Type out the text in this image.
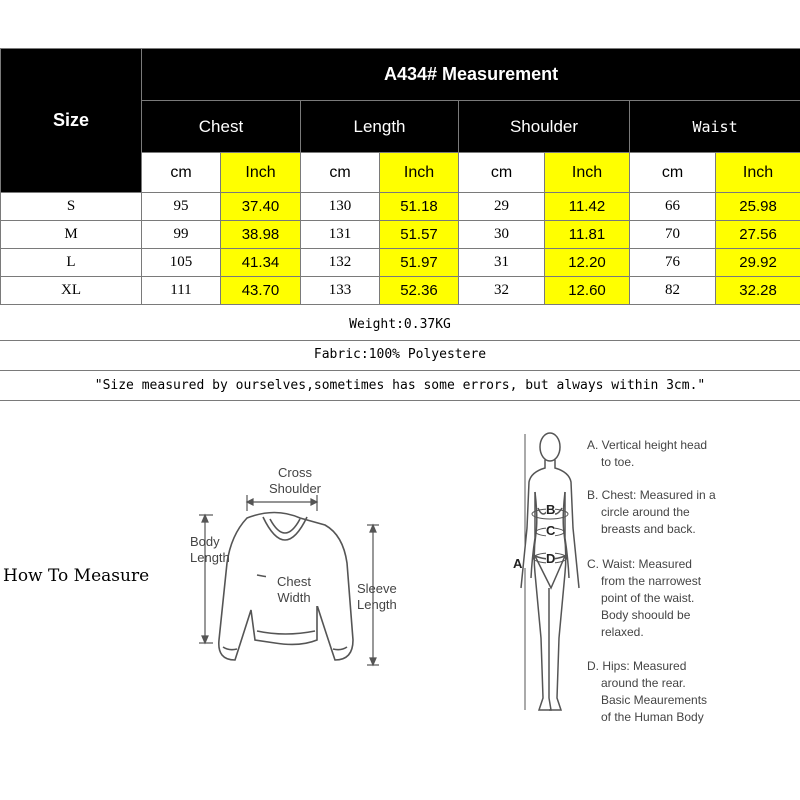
Size	A434# Measurement							
	Chest		Length		Shoulder		Waist	
	cm	Inch	cm	Inch	cm	Inch	cm	Inch
S	95	37.40	130	51.18	29	11.42	66	25.98
M	99	38.98	131	51.57	30	11.81	70	27.56
L	105	41.34	132	51.97	31	12.20	76	29.92
XL	111	43.70	133	52.36	32	12.60	82	32.28
Weight:0.37KG
Fabric:100% Polyestere
"Size measured by ourselves,sometimes has some errors, but always within 3cm."
How To Measure
Cross
Shoulder
Body
Length
Chest
Width
Sleeve
Length
A
B
C
D
A. Vertical height head
to toe.
B. Chest: Measured in a
circle around the
breasts and back.
C. Waist: Measured
from the narrowest
point of the waist.
Body shoould be
relaxed.
D. Hips: Measured
around the rear.
Basic Meaurements
of the Human Body
